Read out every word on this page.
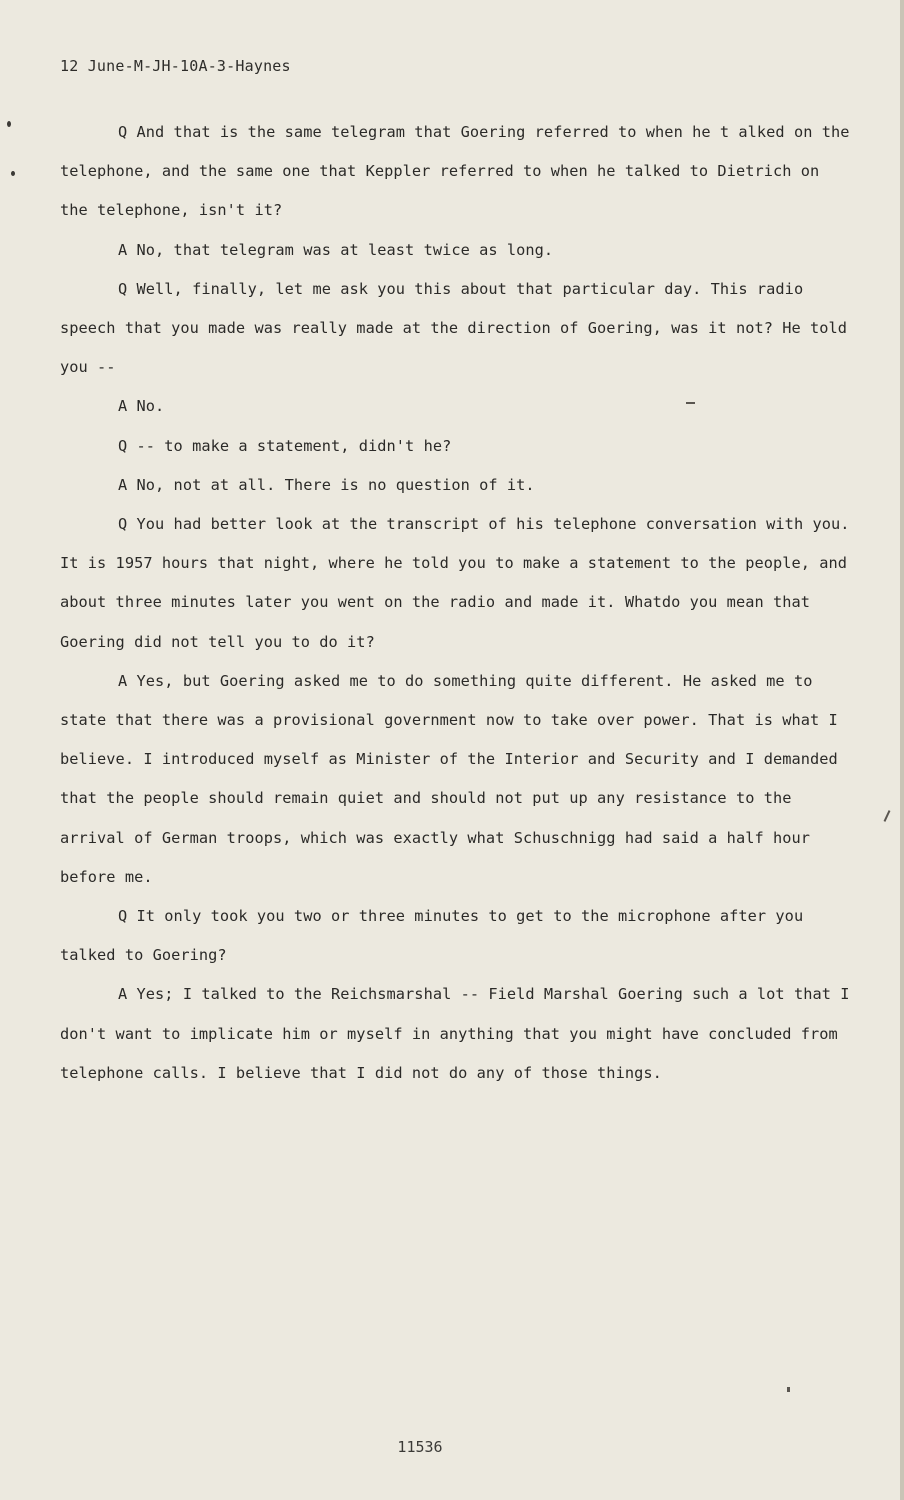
12 June-M-JH-10A-3-Haynes

Q And that is the same telegram that Goering referred to when he t alked on the telephone, and the same one that Keppler referred to when he talked to Dietrich on the telephone, isn't it?

A No, that telegram was at least twice as long.

Q Well, finally, let me ask you this about that particular day. This radio speech that you made was really made at the direction of Goering, was it not? He told you --

A No.

Q -- to make a statement, didn't he?

A No, not at all. There is no question of it.

Q You had better look at the transcript of his telephone conversation with you. It is 1957 hours that night, where he told you to make a statement to the people, and about three minutes later you went on the radio and made it. Whatdo you mean that Goering did not tell you to do it?

A Yes, but Goering asked me to do something quite different. He asked me to state that there was a provisional government now to take over power. That is what I believe. I introduced myself as Minister of the Interior and Security and I demanded that the people should remain quiet and should not put up any resistance to the arrival of German troops, which was exactly what Schuschnigg had said a half hour before me.

Q It only took you two or three minutes to get to the microphone after you talked to Goering?

A Yes; I talked to the Reichsmarshal -- Field Marshal Goering such a lot that I don't want to implicate him or myself in anything that you might have concluded from telephone calls. I believe that I did not do any of those things.

11536
